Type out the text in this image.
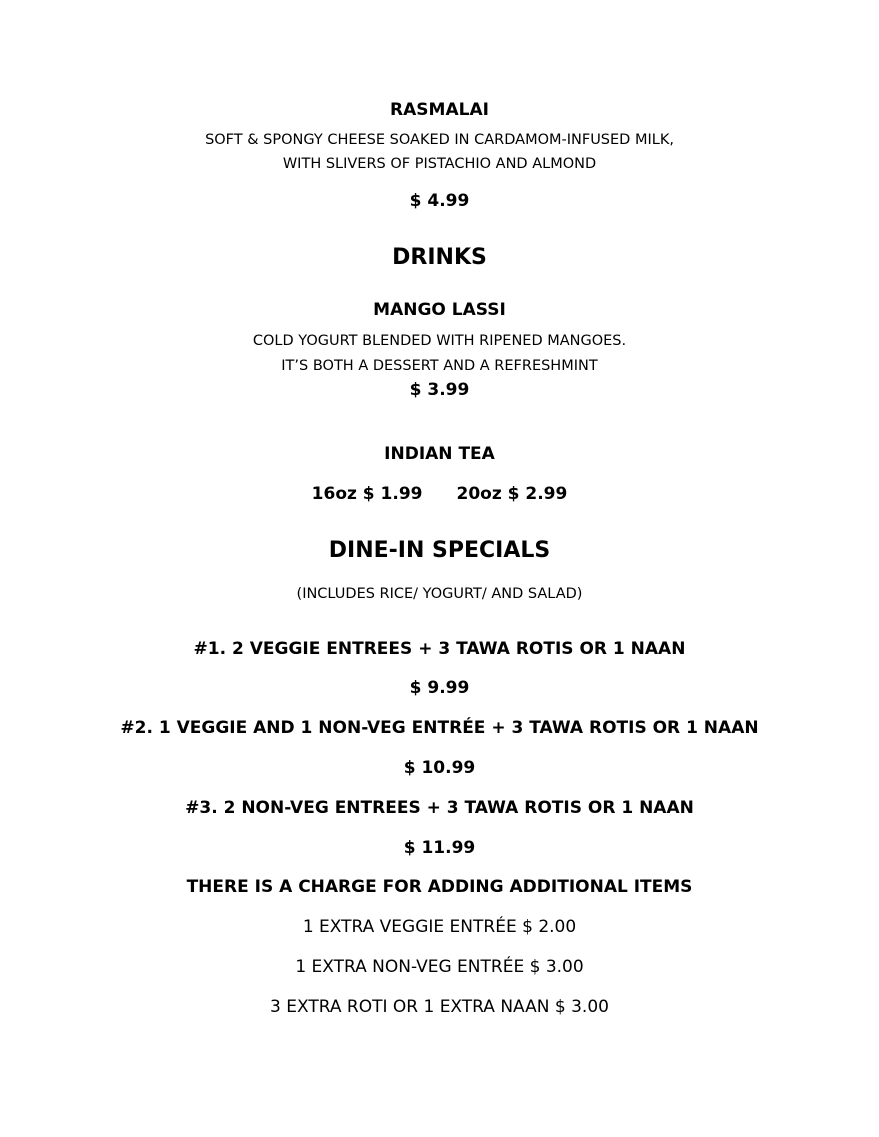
RASMALAI
SOFT & SPONGY CHEESE SOAKED IN CARDAMOM-INFUSED MILK,
WITH SLIVERS OF PISTACHIO AND ALMOND
$ 4.99
DRINKS
MANGO LASSI
COLD YOGURT BLENDED WITH RIPENED MANGOES.
IT’S BOTH A DESSERT AND A REFRESHMINT
$ 3.99
INDIAN TEA
16oz $ 1.99 20oz $ 2.99
DINE-IN SPECIALS
(INCLUDES RICE/ YOGURT/ AND SALAD)
#1. 2 VEGGIE ENTREES + 3 TAWA ROTIS OR 1 NAAN
$ 9.99
#2. 1 VEGGIE AND 1 NON-VEG ENTRÉE + 3 TAWA ROTIS OR 1 NAAN
$ 10.99
#3. 2 NON-VEG ENTREES + 3 TAWA ROTIS OR 1 NAAN
$ 11.99
THERE IS A CHARGE FOR ADDING ADDITIONAL ITEMS
1 EXTRA VEGGIE ENTRÉE $ 2.00
1 EXTRA NON-VEG ENTRÉE $ 3.00
3 EXTRA ROTI OR 1 EXTRA NAAN $ 3.00
